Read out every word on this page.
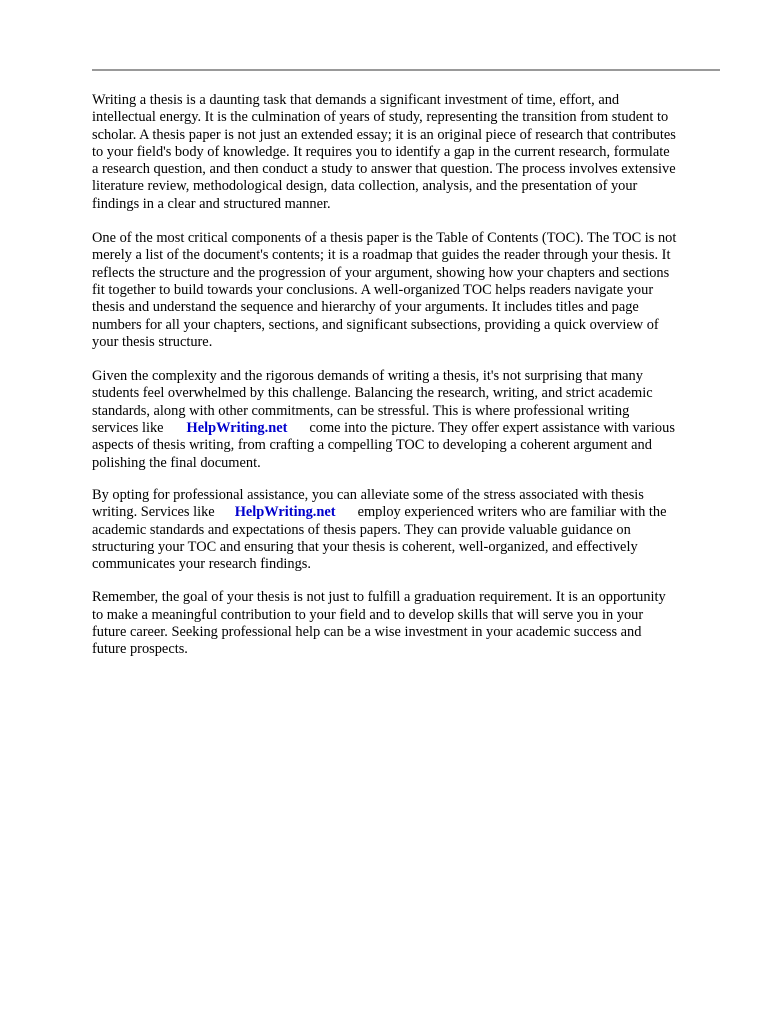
Writing a thesis is a daunting task that demands a significant investment of time, effort, and
intellectual energy. It is the culmination of years of study, representing the transition from student to
scholar. A thesis paper is not just an extended essay; it is an original piece of research that contributes
to your field's body of knowledge. It requires you to identify a gap in the current research, formulate
a research question, and then conduct a study to answer that question. The process involves extensive
literature review, methodological design, data collection, analysis, and the presentation of your
findings in a clear and structured manner.

One of the most critical components of a thesis paper is the Table of Contents (TOC). The TOC is not
merely a list of the document's contents; it is a roadmap that guides the reader through your thesis. It
reflects the structure and the progression of your argument, showing how your chapters and sections
fit together to build towards your conclusions. A well-organized TOC helps readers navigate your
thesis and understand the sequence and hierarchy of your arguments. It includes titles and page
numbers for all your chapters, sections, and significant subsections, providing a quick overview of
your thesis structure.

Given the complexity and the rigorous demands of writing a thesis, it's not surprising that many
students feel overwhelmed by this challenge. Balancing the research, writing, and strict academic
standards, along with other commitments, can be stressful. This is where professional writing
services like HelpWriting.net come into the picture. They offer expert assistance with various
aspects of thesis writing, from crafting a compelling TOC to developing a coherent argument and
polishing the final document.

By opting for professional assistance, you can alleviate some of the stress associated with thesis
writing. Services like HelpWriting.net employ experienced writers who are familiar with the
academic standards and expectations of thesis papers. They can provide valuable guidance on
structuring your TOC and ensuring that your thesis is coherent, well-organized, and effectively
communicates your research findings.

Remember, the goal of your thesis is not just to fulfill a graduation requirement. It is an opportunity
to make a meaningful contribution to your field and to develop skills that will serve you in your
future career. Seeking professional help can be a wise investment in your academic success and
future prospects.
